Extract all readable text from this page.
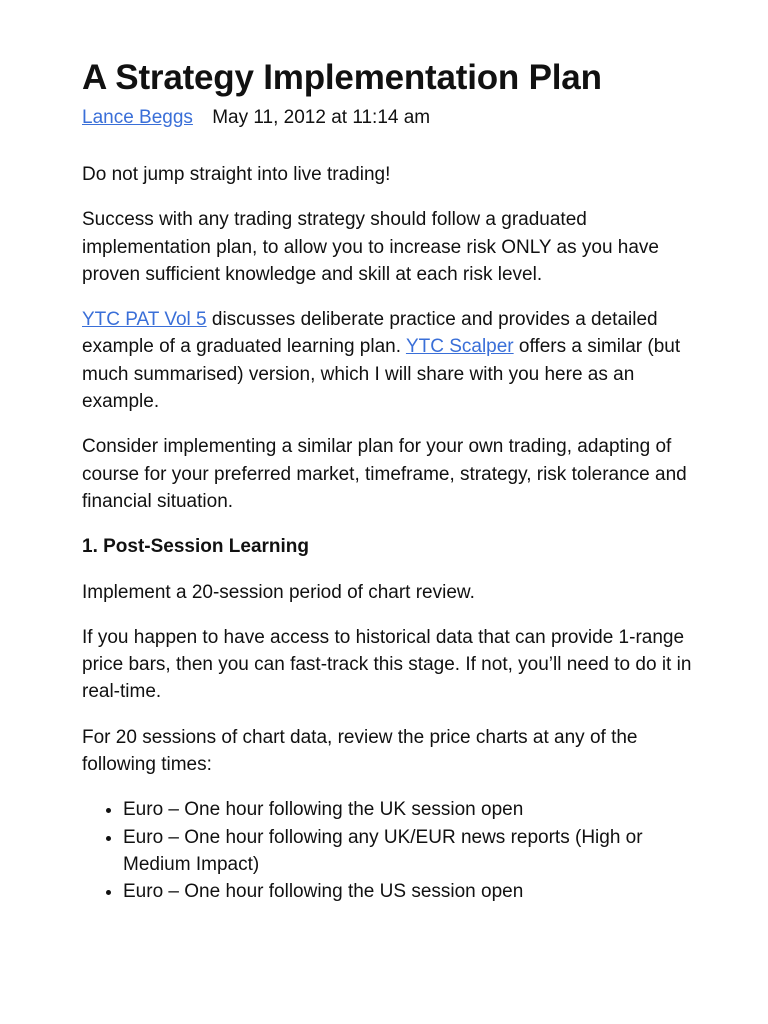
A Strategy Implementation Plan
Lance Beggs May 11, 2012 at 11:14 am

Do not jump straight into live trading!

Success with any trading strategy should follow a graduated implementation plan, to allow you to increase risk ONLY as you have proven sufficient knowledge and skill at each risk level.

YTC PAT Vol 5 discusses deliberate practice and provides a detailed example of a graduated learning plan. YTC Scalper offers a similar (but much summarised) version, which I will share with you here as an example.

Consider implementing a similar plan for your own trading, adapting of course for your preferred market, timeframe, strategy, risk tolerance and financial situation.

1. Post-Session Learning

Implement a 20-session period of chart review.

If you happen to have access to historical data that can provide 1-range price bars, then you can fast-track this stage. If not, you’ll need to do it in real-time.

For 20 sessions of chart data, review the price charts at any of the following times:

• Euro – One hour following the UK session open
• Euro – One hour following any UK/EUR news reports (High or Medium Impact)
• Euro – One hour following the US session open
